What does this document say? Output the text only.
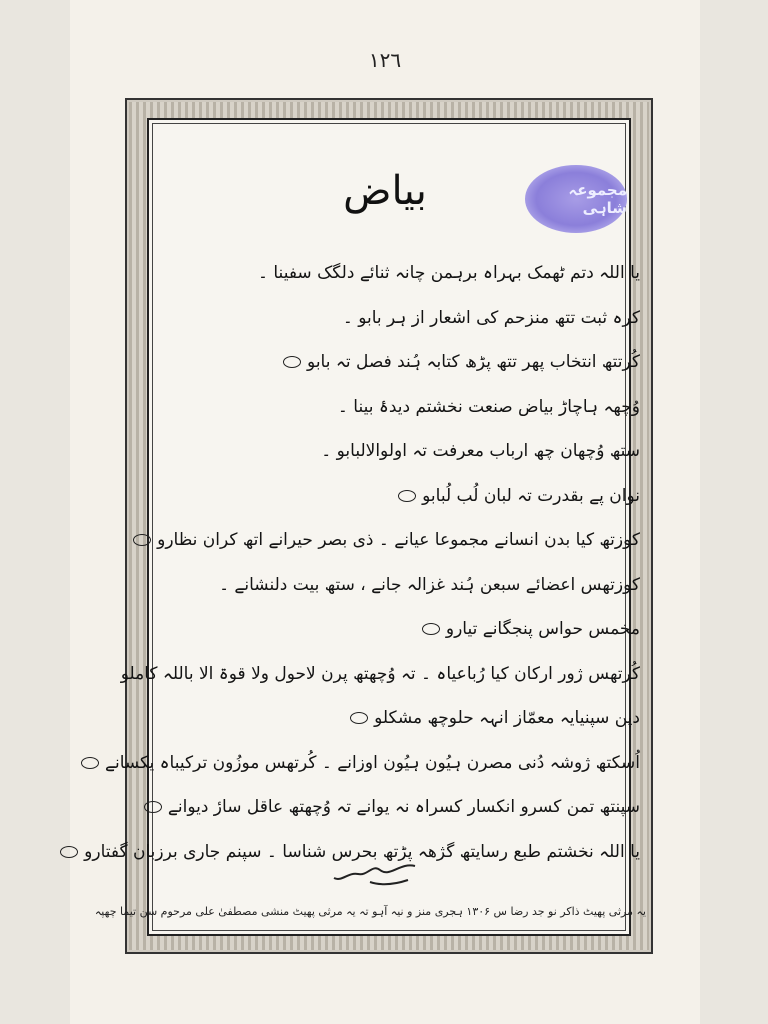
١٢٦
بیاض
یا اللہ دتم ٹھمک بہراہ برہمن چانہ ثنائے دلگک سفینا ۔
کرہ ثبت تتھ منزحم کی اشعار از ہر بابو ۔
کُرتتھ انتخاب پھر تتھ پڑھ کتابہ ہُند فصل تہ بابو
وُچھہ ہاچاڑ بیاض صنعت نخشتم دیدۂ بینا ۔
ستھ وُچھان چھ ارباب معرفت تہ اولوالالبابو ۔
نوان پے بقدرت تہ لبان لُب لُبابو
کوزتھ کیا بدن انسانے مجموعا عیانے ۔ ذی بصر حیرانے اتھ کران نظارو
کوزتھس اعضائے سبعن ہُند غزالہ جانے ، ستھ بیت دلنشانے ۔
مخمس حواس پنجگانے تیارو
کُرتھس ژور ارکان کیا رُباعیاہ ۔ تہ وُچھتھ پرن لاحول ولا قوۃ الا باللہ کاملو
دپن سپنیایہ معمّاز انہہ حلوچھ مشکلو
اُسکتھ ژوشہ دُنی مصرن ہیُون ہیُون اوزانے ۔ کُرتھس موزُون ترکیباہ یکسانے
سپنتھ تمن کسرو انکسار کسراہ نہ یوانے تہ وُچھتھ عاقل سارٔ دیوانے
یا اللہ نخشتم طبع رسایتھ گژھہ پڑتھ بحرس شناسا ۔ سپنم جاری برزبان گفتارو
یہ مرثی پھیٹ ذاکر نو جد رضا س ۱۳۰۶ ہجری منز و نیہ آہو تہ یہ مرثی پھیٹ منشی مصطفیٰ علی مرحوم سن تیما چھپہ
مجموعہ شاہی
